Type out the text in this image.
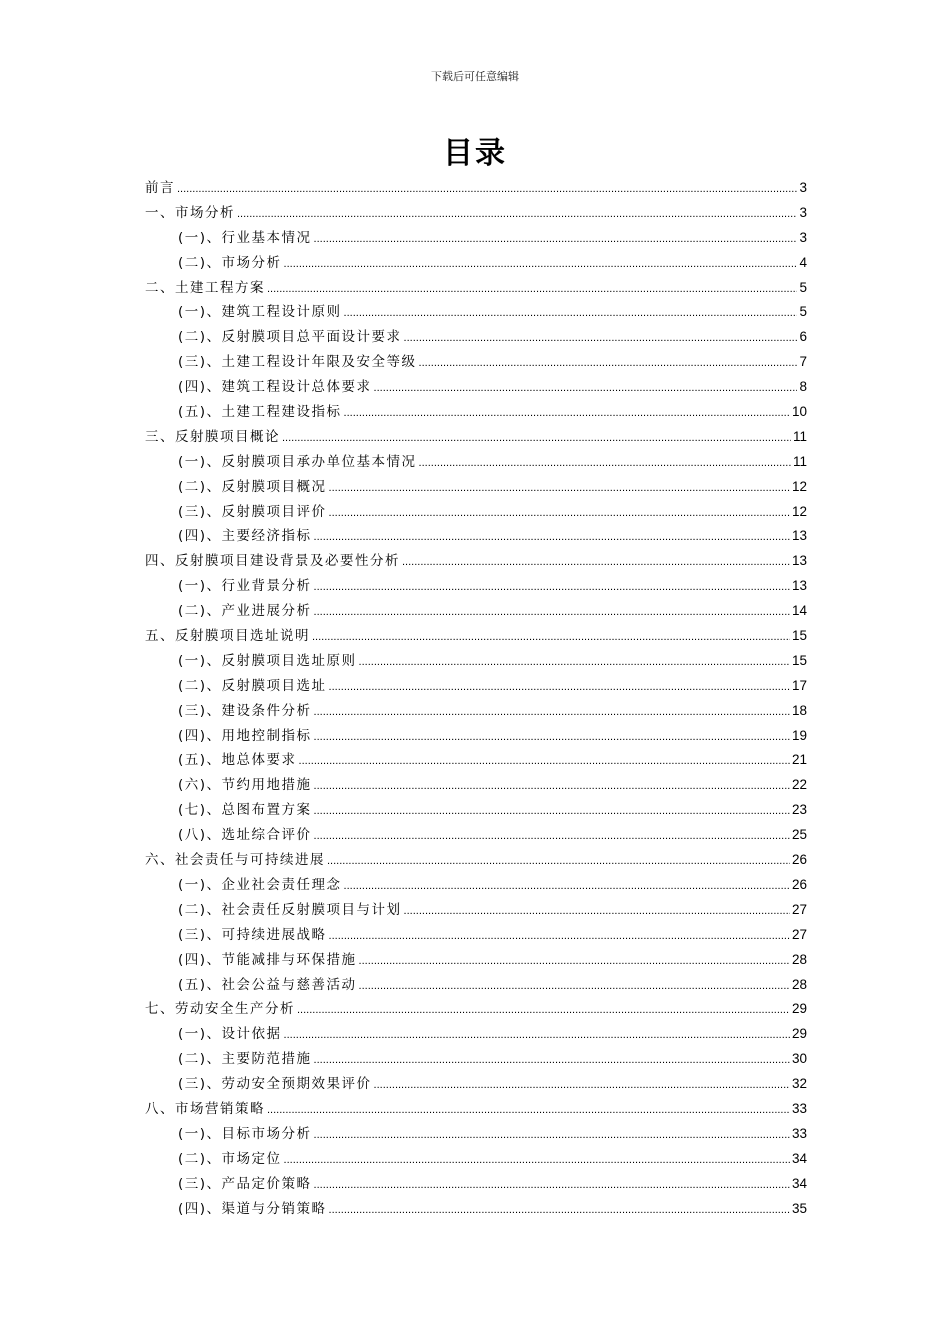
下载后可任意编辑
目录
前言 .....	3
一、市场分析 .....	3
(一)、行业基本情况 .....	3
(二)、市场分析 .....	4
二、土建工程方案 .....	5
(一)、建筑工程设计原则 .....	5
(二)、反射膜项目总平面设计要求 .....	6
(三)、土建工程设计年限及安全等级 .....	7
(四)、建筑工程设计总体要求 .....	8
(五)、土建工程建设指标 .....	10
三、反射膜项目概论 .....	11
(一)、反射膜项目承办单位基本情况 .....	11
(二)、反射膜项目概况 .....	12
(三)、反射膜项目评价 .....	12
(四)、主要经济指标 .....	13
四、反射膜项目建设背景及必要性分析 .....	13
(一)、行业背景分析 .....	13
(二)、产业进展分析 .....	14
五、反射膜项目选址说明 .....	15
(一)、反射膜项目选址原则 .....	15
(二)、反射膜项目选址 .....	17
(三)、建设条件分析 .....	18
(四)、用地控制指标 .....	19
(五)、地总体要求 .....	21
(六)、节约用地措施 .....	22
(七)、总图布置方案 .....	23
(八)、选址综合评价 .....	25
六、社会责任与可持续进展 .....	26
(一)、企业社会责任理念 .....	26
(二)、社会责任反射膜项目与计划 .....	27
(三)、可持续进展战略 .....	27
(四)、节能减排与环保措施 .....	28
(五)、社会公益与慈善活动 .....	28
七、劳动安全生产分析 .....	29
(一)、设计依据 .....	29
(二)、主要防范措施 .....	30
(三)、劳动安全预期效果评价 .....	32
八、市场营销策略 .....	33
(一)、目标市场分析 .....	33
(二)、市场定位 .....	34
(三)、产品定价策略 .....	34
(四)、渠道与分销策略 .....	35
